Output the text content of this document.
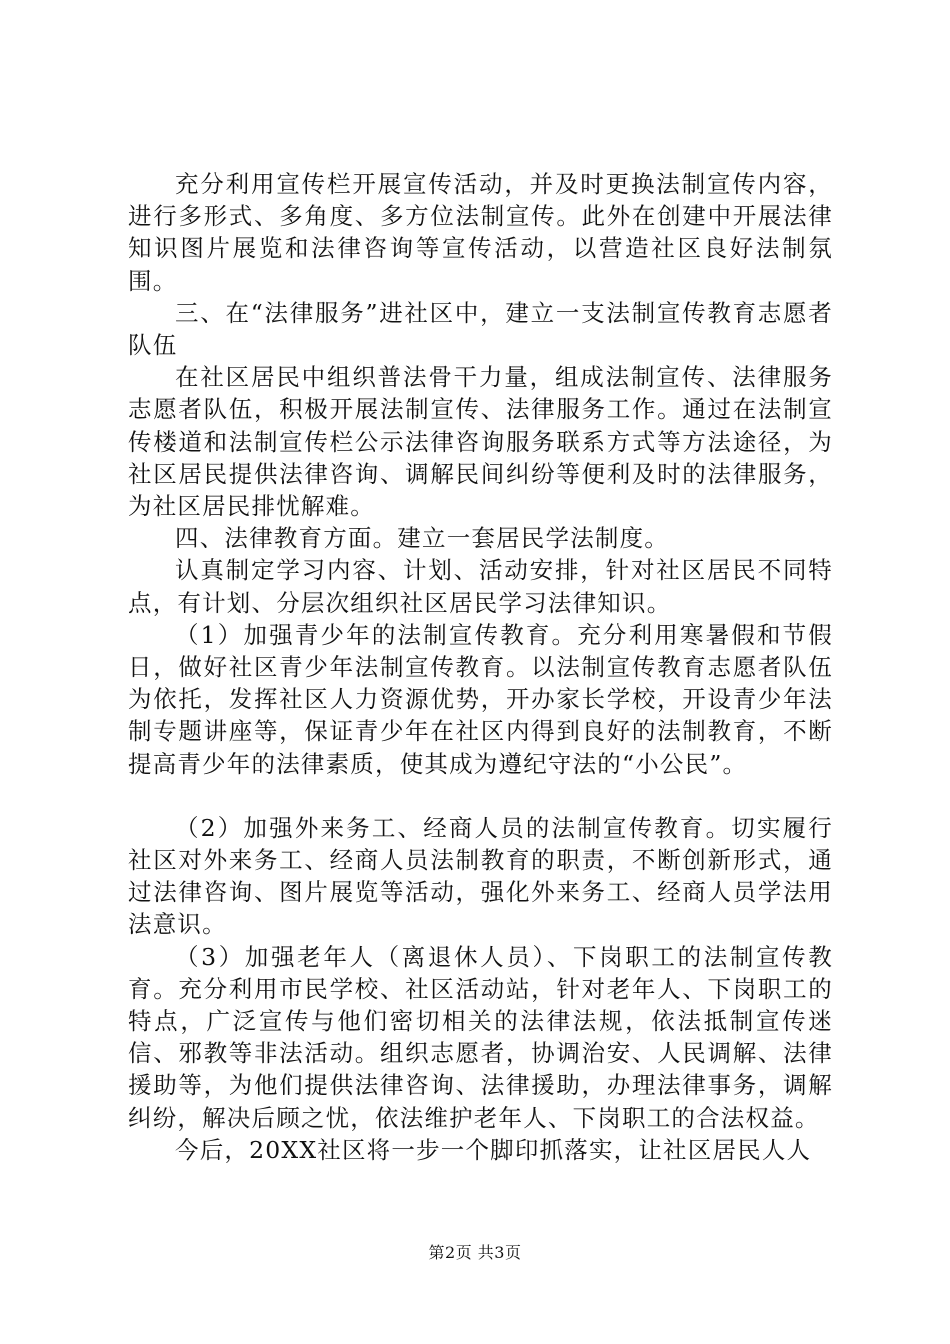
充分利用宣传栏开展宣传活动，并及时更换法制宣传内容，进行多形式、多角度、多方位法制宣传。此外在创建中开展法律知识图片展览和法律咨询等宣传活动，以营造社区良好法制氛围。

三、在“法律服务”进社区中，建立一支法制宣传教育志愿者队伍

在社区居民中组织普法骨干力量，组成法制宣传、法律服务志愿者队伍，积极开展法制宣传、法律服务工作。通过在法制宣传楼道和法制宣传栏公示法律咨询服务联系方式等方法途径，为社区居民提供法律咨询、调解民间纠纷等便利及时的法律服务，为社区居民排忧解难。

四、法律教育方面。建立一套居民学法制度。

认真制定学习内容、计划、活动安排，针对社区居民不同特点，有计划、分层次组织社区居民学习法律知识。

（1）加强青少年的法制宣传教育。充分利用寒暑假和节假日，做好社区青少年法制宣传教育。以法制宣传教育志愿者队伍为依托，发挥社区人力资源优势，开办家长学校，开设青少年法制专题讲座等，保证青少年在社区内得到良好的法制教育，不断提高青少年的法律素质，使其成为遵纪守法的“小公民”。

（2）加强外来务工、经商人员的法制宣传教育。切实履行社区对外来务工、经商人员法制教育的职责，不断创新形式，通过法律咨询、图片展览等活动，强化外来务工、经商人员学法用法意识。

（3）加强老年人（离退休人员）、下岗职工的法制宣传教育。充分利用市民学校、社区活动站，针对老年人、下岗职工的特点，广泛宣传与他们密切相关的法律法规，依法抵制宣传迷信、邪教等非法活动。组织志愿者，协调治安、人民调解、法律援助等，为他们提供法律咨询、法律援助，办理法律事务，调解纠纷，解决后顾之忧，依法维护老年人、下岗职工的合法权益。

今后，20XX社区将一步一个脚印抓落实，让社区居民人人

第2页 共3页
